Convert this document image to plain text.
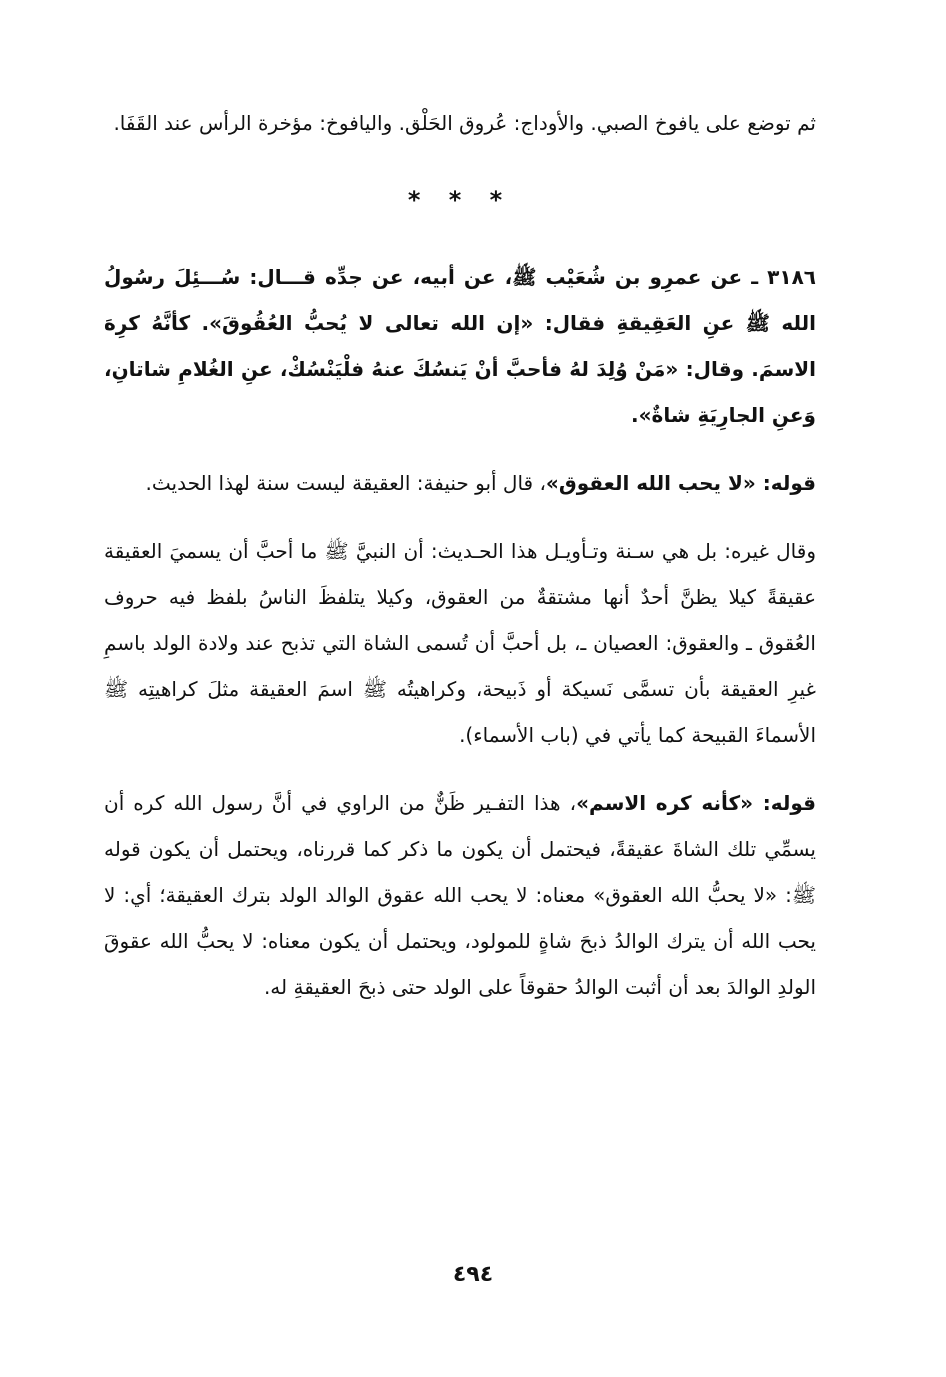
ثم توضع على يافوخ الصبي. والأوداج: عُروق الحَلْق. واليافوخ: مؤخرة الرأس عند القَفَا.

* * *

٣١٨٦ ـ عن عمرِو بن شُعَيْب ﷺ، عن أبيه، عن جدِّه قـــال: سُـــئِلَ رسُولُ الله ﷺ عنِ العَقِيقةِ فقال: «إن الله تعالى لا يُحبُّ العُقُوقَ». كأنَّهُ كرِهَ الاسمَ. وقال: «مَنْ وُلِدَ لهُ فأحبَّ أنْ يَنسُكَ عنهُ فلْيَنْسُكْ، عنِ الغُلامِ شاتانِ، وَعنِ الجارِيَةِ شاةٌ».

قوله: «لا يحب الله العقوق»، قال أبو حنيفة: العقيقة ليست سنة لهذا الحديث.

وقال غيره: بل هي سـنة وتـأويـل هذا الحـديث: أن النبيَّ ﷺ ما أحبَّ أن يسميَ العقيقة عقيقةً كيلا يظنَّ أحدٌ أنها مشتقةٌ من العقوق، وكيلا يتلفظَ الناسُ بلفظ فيه حروف العُقوق ـ والعقوق: العصيان ـ، بل أحبَّ أن تُسمى الشاة التي تذبح عند ولادة الولد باسمِ غيرِ العقيقة بأن تسمَّى نَسيكة أو ذَبيحة، وكراهيتُه ﷺ اسمَ العقيقة مثلَ كراهيتِه ﷺ الأسماءَ القبيحة كما يأتي في (باب الأسماء).

قوله: «كأنه كره الاسم»، هذا التفـير ظَنٌّ من الراوي في أنَّ رسول الله كره أن يسمِّي تلك الشاةَ عقيقةً، فيحتمل أن يكون ما ذكر كما قررناه، ويحتمل أن يكون قوله ﷺ: «لا يحبُّ الله العقوق» معناه: لا يحب الله عقوق الوالد الولد بترك العقيقة؛ أي: لا يحب الله أن يترك الوالدُ ذبحَ شاةٍ للمولود، ويحتمل أن يكون معناه: لا يحبُّ الله عقوقَ الولدِ الوالدَ بعد أن أثبت الوالدُ حقوقاً على الولد حتى ذبحَ العقيقةِ له.

٤٩٤
